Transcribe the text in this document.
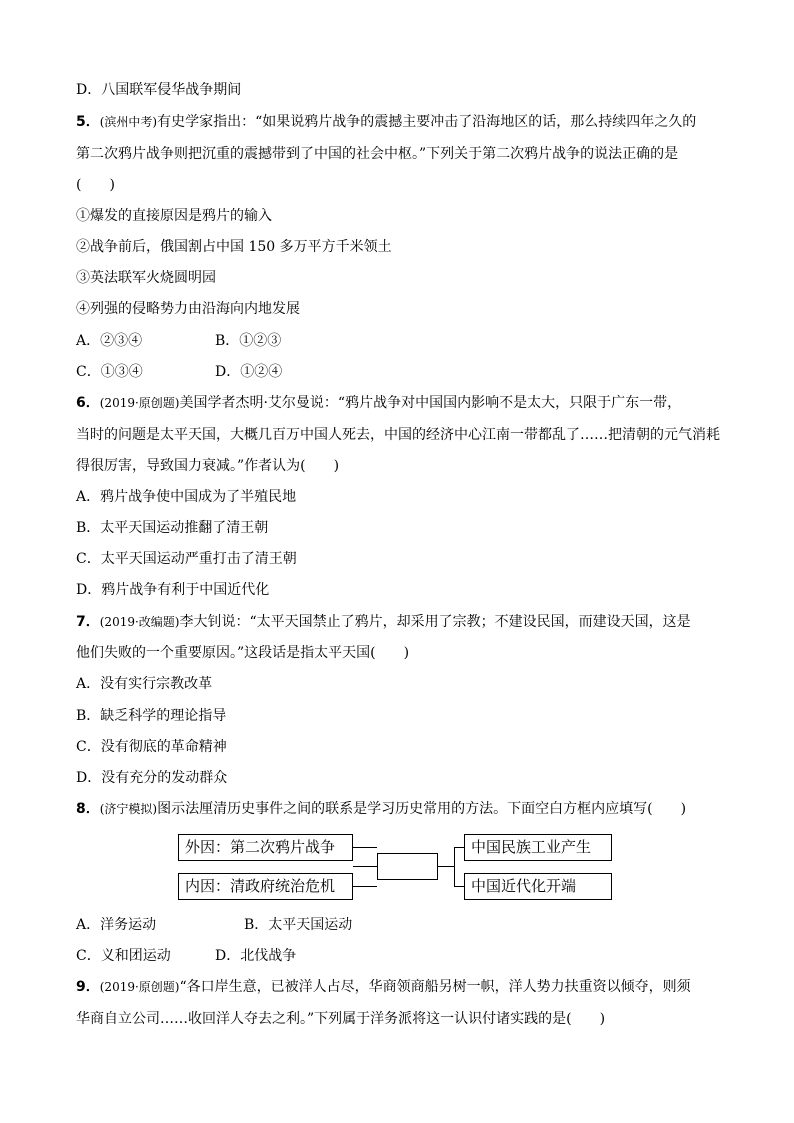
D．八国联军侵华战争期间
5．(滨州中考)有史学家指出：“如果说鸦片战争的震撼主要冲击了沿海地区的话，那么持续四年之久的
第二次鸦片战争则把沉重的震撼带到了中国的社会中枢。”下列关于第二次鸦片战争的说法正确的是
(　　)
①爆发的直接原因是鸦片的输入
②战争前后，俄国割占中国 150 多万平方千米领土
③英法联军火烧圆明园
④列强的侵略势力由沿海向内地发展
A．②③④	B．①②③
C．①③④	D．①②④
6．(2019·原创题)美国学者杰明·艾尔曼说：“鸦片战争对中国国内影响不是太大，只限于广东一带，
当时的问题是太平天国，大概几百万中国人死去，中国的经济中心江南一带都乱了……把清朝的元气消耗
得很厉害，导致国力衰减。”作者认为(　　)
A．鸦片战争使中国成为了半殖民地
B．太平天国运动推翻了清王朝
C．太平天国运动严重打击了清王朝
D．鸦片战争有利于中国近代化
7．(2019·改编题)李大钊说：“太平天国禁止了鸦片，却采用了宗教；不建设民国，而建设天国，这是
他们失败的一个重要原因。”这段话是指太平天国(　　)
A．没有实行宗教改革
B．缺乏科学的理论指导
C．没有彻底的革命精神
D．没有充分的发动群众
8．(济宁模拟)图示法厘清历史事件之间的联系是学习历史常用的方法。下面空白方框内应填写(　　)
外因：第二次鸦片战争
内因：清政府统治危机
中国民族工业产生
中国近代化开端
A．洋务运动	B．太平天国运动
C．义和团运动	D．北伐战争
9．(2019·原创题)“各口岸生意，已被洋人占尽，华商领商船另树一帜，洋人势力扶重资以倾夺，则须
华商自立公司……收回洋人夺去之利。”下列属于洋务派将这一认识付诸实践的是(　　)
